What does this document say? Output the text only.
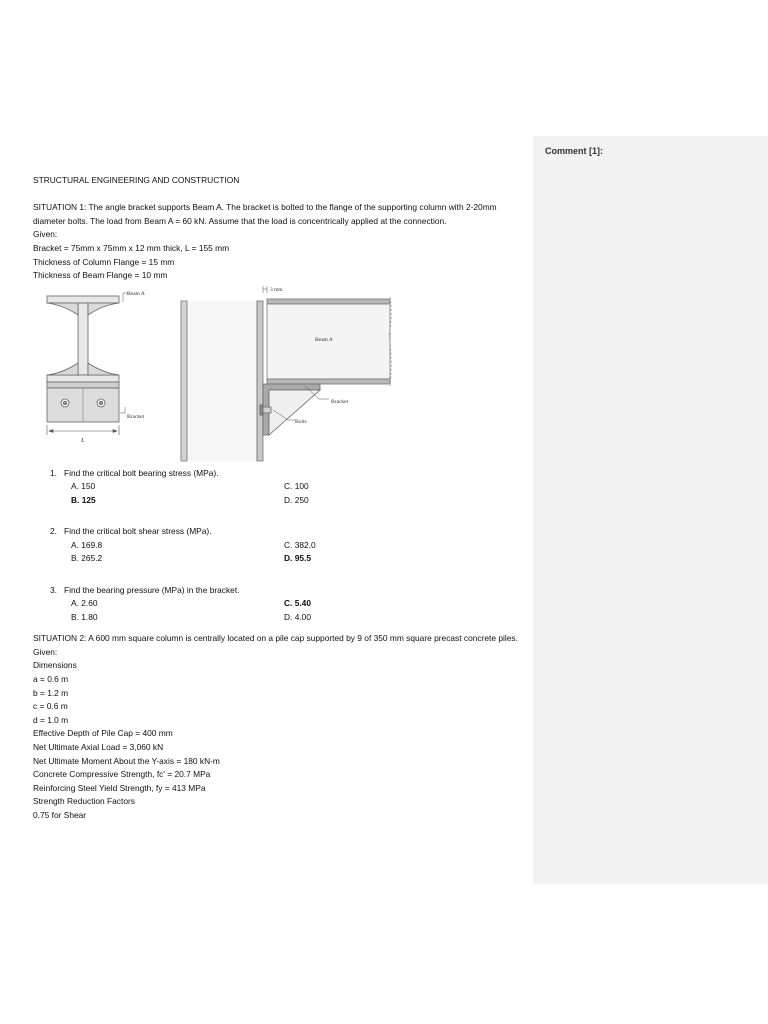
Comment [1]:
STRUCTURAL ENGINEERING AND CONSTRUCTION
SITUATION 1: The angle bracket supports Beam A. The bracket is bolted to the flange of the supporting column with 2-20mm diameter bolts. The load from Beam A = 60 kN. Assume that the load is concentrically applied at the connection.
Given:
Bracket = 75mm x 75mm x 12 mm thick, L = 155 mm
Thickness of Column Flange = 15 mm
Thickness of Beam Flange = 10 mm
Beam A
Bracket
L
3 mm
Beam A
Bracket
Bolts
1. Find the critical bolt bearing stress (MPa).
A. 150	C. 100
B. 125	D. 250
2. Find the critical bolt shear stress (MPa).
A. 169.8	C. 382.0
B. 265.2	D. 95.5
3. Find the bearing pressure (MPa) in the bracket.
A. 2.60	C. 5.40
B. 1.80	D. 4.00
SITUATION 2: A 600 mm square column is centrally located on a pile cap supported by 9 of 350 mm square precast concrete piles.
Given:
Dimensions
a = 0.6 m
b = 1.2 m
c = 0.6 m
d = 1.0 m
Effective Depth of Pile Cap = 400 mm
Net Ultimate Axial Load = 3,060 kN
Net Ultimate Moment About the Y-axis = 180 kN-m
Concrete Compressive Strength, fc' = 20.7 MPa
Reinforcing Steel Yield Strength, fy = 413 MPa
Strength Reduction Factors
0.75 for Shear
